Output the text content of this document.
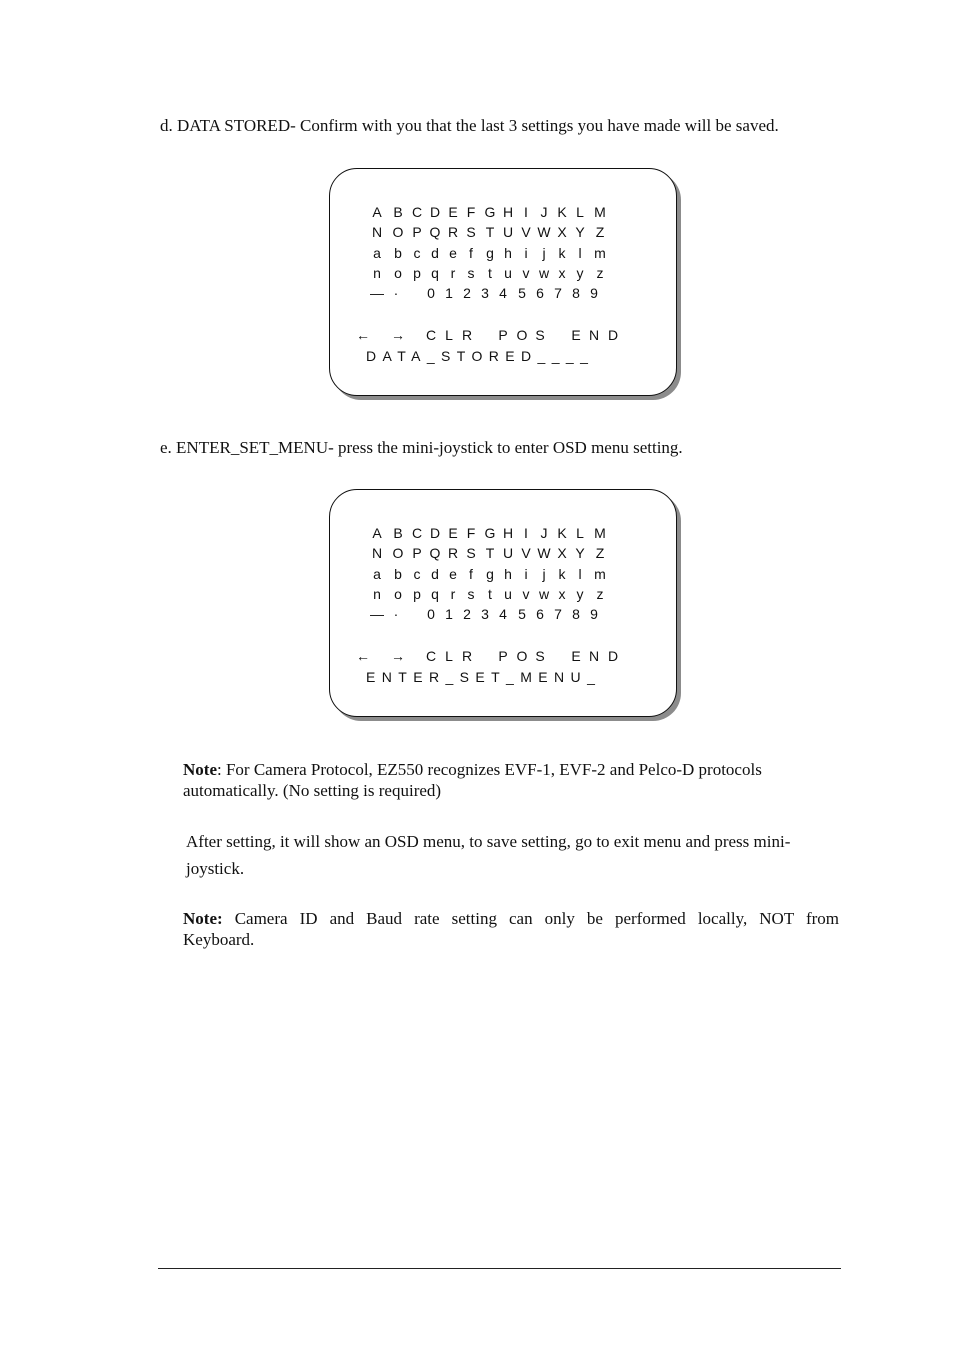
d. DATA STORED- Confirm with you that the last 3 settings you have made will be saved.

A B C D E F G H I J K L M
N O P Q R S T U V W X Y Z
a b c d e f g h i	j k l m
n o p q r s t u v w x y z
— ·	0 1 2 3 4 5 6 7 8 9
← → C L R	P O S	E N D
DATA_STORED____

e. ENTER_SET_MENU- press the mini-joystick to enter OSD menu setting.

A B C D E F G H I J K L M
N O P Q R S T U V W X Y Z
a b c d e f g h i	j k l m
n o p q r s t u v w x y z
— ·	0 1 2 3 4 5 6 7 8 9
← → C L R	P O S	E N D
ENTER_SET_MENU_

Note: For Camera Protocol, EZ550 recognizes EVF-1, EVF-2 and Pelco-D protocols automatically. (No setting is required)

After setting, it will show an OSD menu, to save setting, go to exit menu and press mini-joystick.

Note: Camera ID and Baud rate setting can only be performed locally, NOT from
Keyboard.
